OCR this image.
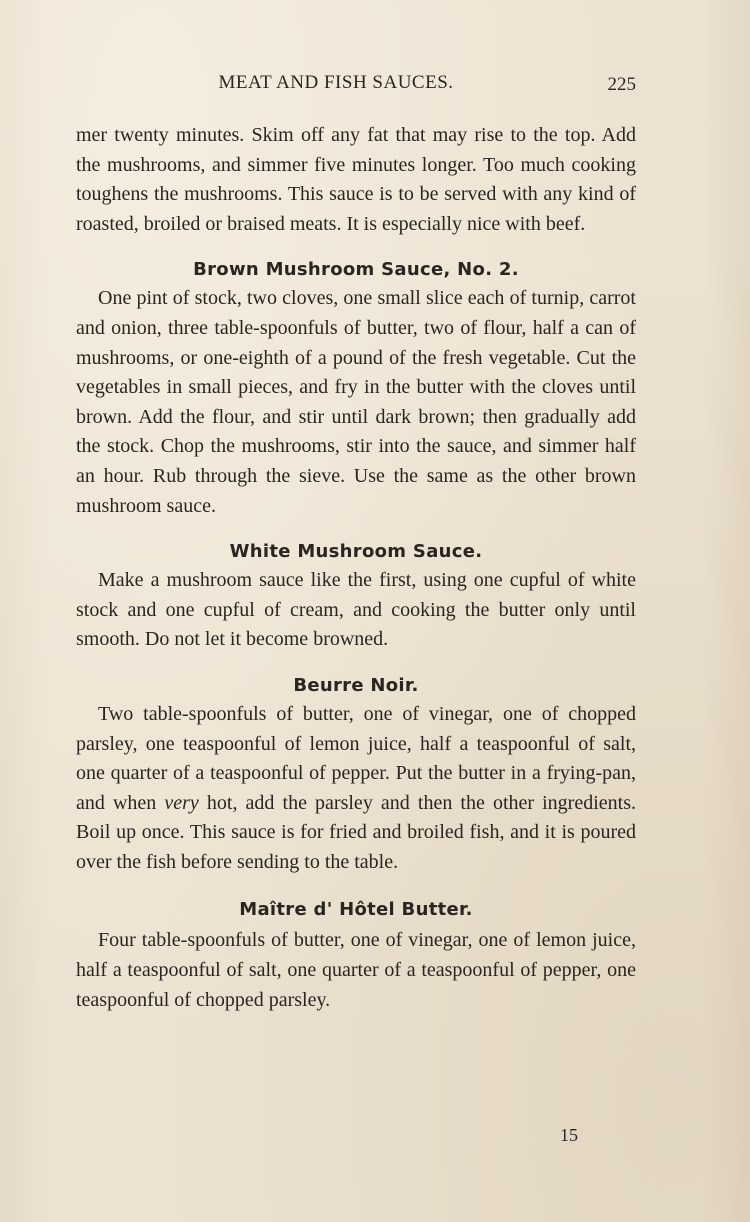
MEAT AND FISH SAUCES.	225

mer twenty minutes. Skim off any fat that may rise to the top. Add the mushrooms, and simmer five minutes longer. Too much cooking toughens the mushrooms. This sauce is to be served with any kind of roasted, broiled or braised meats. It is especially nice with beef.

Brown Mushroom Sauce, No. 2.

One pint of stock, two cloves, one small slice each of turnip, carrot and onion, three table-spoonfuls of butter, two of flour, half a can of mushrooms, or one-eighth of a pound of the fresh vegetable. Cut the vegetables in small pieces, and fry in the butter with the cloves until brown. Add the flour, and stir until dark brown; then gradually add the stock. Chop the mushrooms, stir into the sauce, and simmer half an hour. Rub through the sieve. Use the same as the other brown mushroom sauce.

White Mushroom Sauce.

Make a mushroom sauce like the first, using one cupful of white stock and one cupful of cream, and cooking the butter only until smooth. Do not let it become browned.

Beurre Noir.

Two table-spoonfuls of butter, one of vinegar, one of chopped parsley, one teaspoonful of lemon juice, half a teaspoonful of salt, one quarter of a teaspoonful of pepper. Put the butter in a frying-pan, and when very hot, add the parsley and then the other ingredients. Boil up once. This sauce is for fried and broiled fish, and it is poured over the fish before sending to the table.

Maître d' Hôtel Butter.

Four table-spoonfuls of butter, one of vinegar, one of lemon juice, half a teaspoonful of salt, one quarter of a teaspoonful of pepper, one teaspoonful of chopped parsley.

15
